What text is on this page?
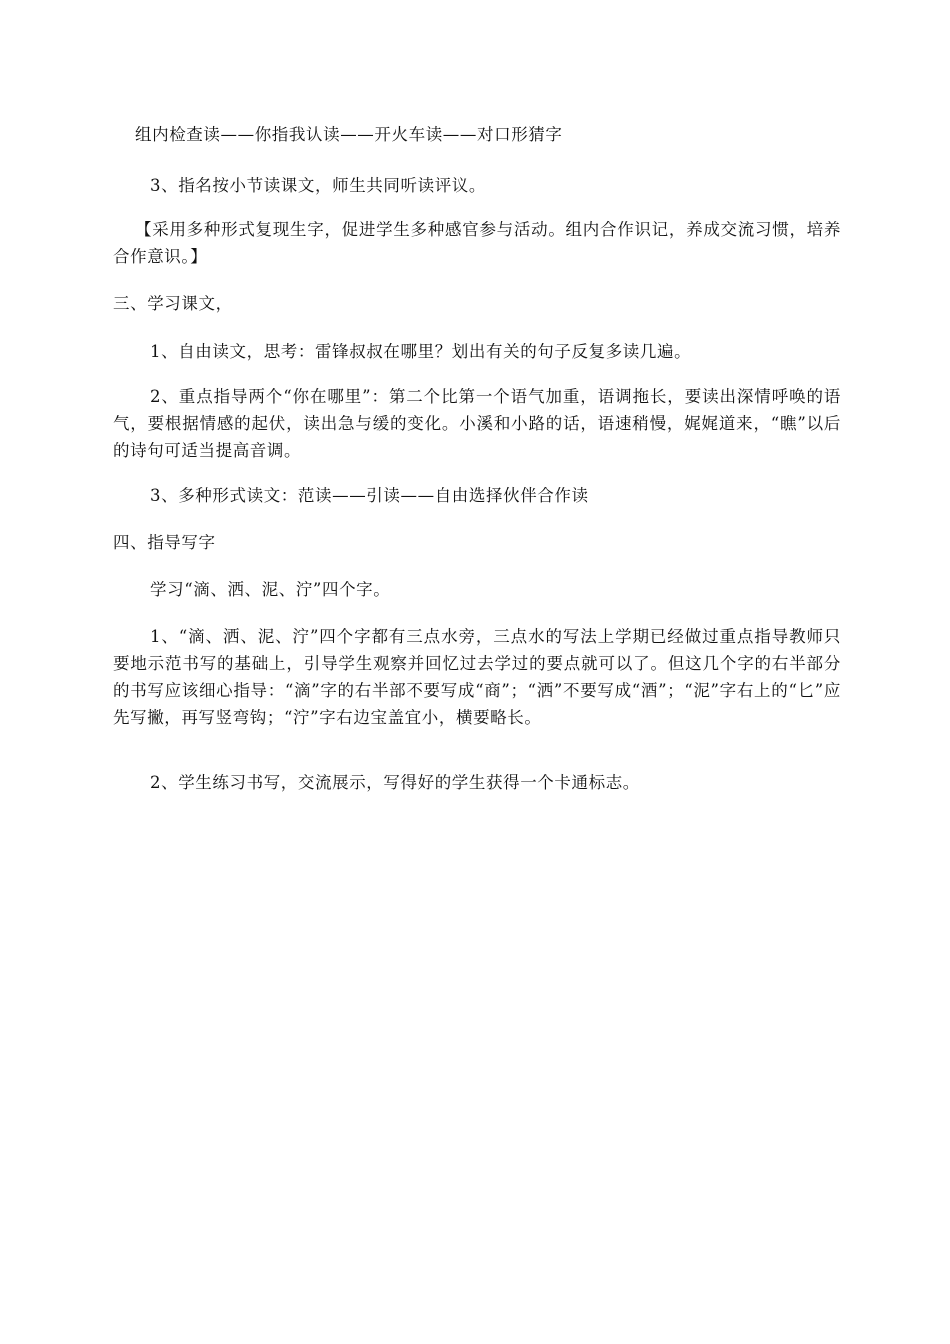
组内检查读——你指我认读——开火车读——对口形猜字

3、指名按小节读课文，师生共同听读评议。

【采用多种形式复现生字，促进学生多种感官参与活动。组内合作识记，养成交流习惯，培养合作意识。】

三、学习课文，

1、自由读文，思考：雷锋叔叔在哪里？划出有关的句子反复多读几遍。

2、重点指导两个“你在哪里”：第二个比第一个语气加重，语调拖长，要读出深情呼唤的语气，要根据情感的起伏，读出急与缓的变化。小溪和小路的话，语速稍慢，娓娓道来，“瞧”以后的诗句可适当提高音调。

3、多种形式读文：范读——引读——自由选择伙伴合作读

四、指导写字

学习“滴、洒、泥、泞”四个字。

1、“滴、洒、泥、泞”四个字都有三点水旁，三点水的写法上学期已经做过重点指导教师只要地示范书写的基础上，引导学生观察并回忆过去学过的要点就可以了。但这几个字的右半部分的书写应该细心指导：“滴”字的右半部不要写成“商”；“洒”不要写成“酒”；“泥”字右上的“匕”应先写撇，再写竖弯钩；“泞”字右边宝盖宜小，横要略长。

2、学生练习书写，交流展示，写得好的学生获得一个卡通标志。
